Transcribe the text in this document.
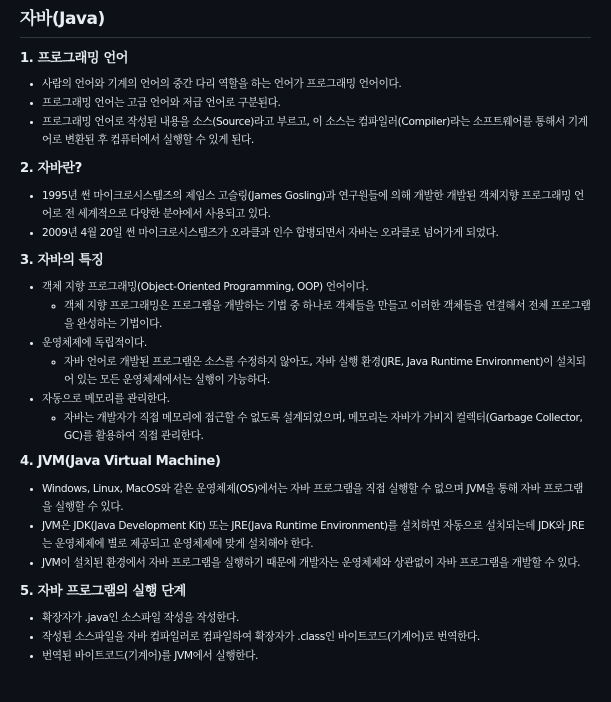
자바(Java)
1. 프로그래밍 언어
• 사람의 언어와 기계의 언어의 중간 다리 역할을 하는 언어가 프로그래밍 언어이다.
• 프로그래밍 언어는 고급 언어와 저급 언어로 구분된다.
• 프로그래밍 언어로 작성된 내용을 소스(Source)라고 부르고, 이 소스는 컴파일러(Compiler)라는 소프트웨어를 통해서 기계어로 변환된 후 컴퓨터에서 실행할 수 있게 된다.
2. 자바란?
• 1995년 썬 마이크로시스템즈의 제임스 고슬링(James Gosling)과 연구원들에 의해 개발한 개발된 객체지향 프로그래밍 언어로 전 세계적으로 다양한 분야에서 사용되고 있다.
• 2009년 4월 20일 썬 마이크로시스템즈가 오라클과 인수 합병되면서 자바는 오라클로 넘어가게 되었다.
3. 자바의 특징
• 객체 지향 프로그래밍(Object-Oriented Programming, OOP) 언어이다.
◦ 객체 지향 프로그래밍은 프로그램을 개발하는 기법 중 하나로 객체들을 만들고 이러한 객체들을 연결해서 전체 프로그램을 완성하는 기법이다.
• 운영체제에 독립적이다.
◦ 자바 언어로 개발된 프로그램은 소스를 수정하지 않아도, 자바 실행 환경(JRE, Java Runtime Environment)이 설치되어 있는 모든 운영체제에서는 실행이 가능하다.
• 자동으로 메모리를 관리한다.
◦ 자바는 개발자가 직접 메모리에 접근할 수 없도록 설계되었으며, 메모리는 자바가 가비지 컬렉터(Garbage Collector, GC)를 활용하여 직접 관리한다.
4. JVM(Java Virtual Machine)
• Windows, Linux, MacOS와 같은 운영체제(OS)에서는 자바 프로그램을 직접 실행할 수 없으며 JVM을 통해 자바 프로그램을 실행할 수 있다.
• JVM은 JDK(Java Development Kit) 또는 JRE(Java Runtime Environment)를 설치하면 자동으로 설치되는데 JDK와 JRE는 운영체제에 별로 제공되고 운영체제에 맞게 설치해야 한다.
• JVM이 설치된 환경에서 자바 프로그램을 실행하기 때문에 개발자는 운영체제와 상관없이 자바 프로그램을 개발할 수 있다.
5. 자바 프로그램의 실행 단계
• 확장자가 .java인 소스파일 작성을 작성한다.
• 작성된 소스파일을 자바 컴파일러로 컴파일하여 확장자가 .class인 바이트코드(기계어)로 번역한다.
• 번역된 바이트코드(기계어)를 JVM에서 실행한다.
